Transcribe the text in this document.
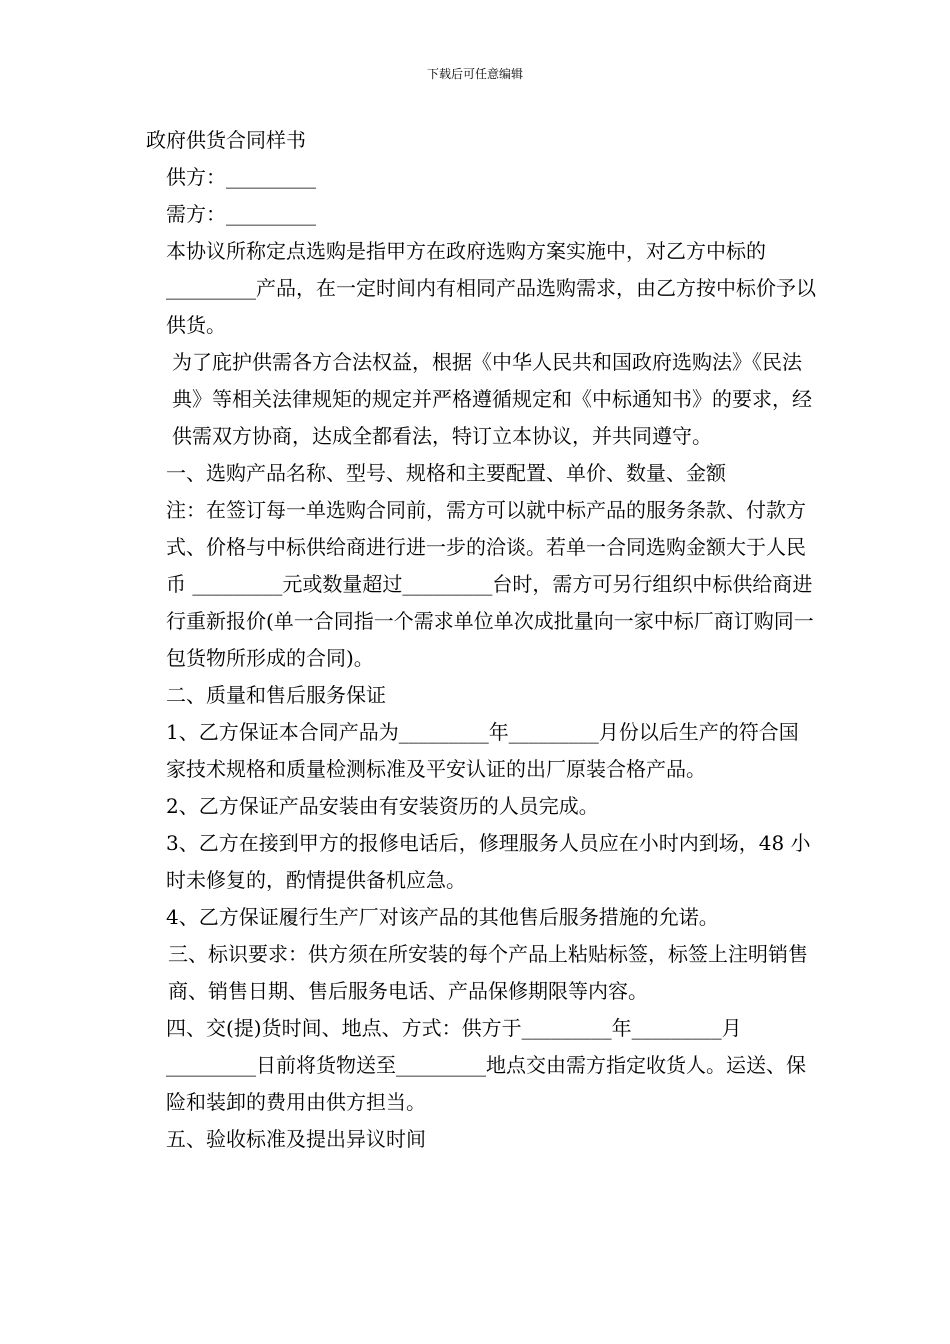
下载后可任意编辑

政府供货合同样书

供方：_________

需方：_________

本协议所称定点选购是指甲方在政府选购方案实施中，对乙方中标的_________产品，在一定时间内有相同产品选购需求，由乙方按中标价予以供货。

为了庇护供需各方合法权益，根据《中华人民共和国政府选购法》《民法典》等相关法律规矩的规定并严格遵循规定和《中标通知书》的要求，经供需双方协商，达成全都看法，特订立本协议，并共同遵守。

一、选购产品名称、型号、规格和主要配置、单价、数量、金额

注：在签订每一单选购合同前，需方可以就中标产品的服务条款、付款方式、价格与中标供给商进行进一步的洽谈。若单一合同选购金额大于人民币 _________元或数量超过_________台时，需方可另行组织中标供给商进行重新报价(单一合同指一个需求单位单次成批量向一家中标厂商订购同一包货物所形成的合同)。

二、质量和售后服务保证

1、乙方保证本合同产品为_________年_________月份以后生产的符合国家技术规格和质量检测标准及平安认证的出厂原装合格产品。

2、乙方保证产品安装由有安装资历的人员完成。

3、乙方在接到甲方的报修电话后，修理服务人员应在小时内到场，48 小时未修复的，酌情提供备机应急。

4、乙方保证履行生产厂对该产品的其他售后服务措施的允诺。

三、标识要求：供方须在所安装的每个产品上粘贴标签，标签上注明销售商、销售日期、售后服务电话、产品保修期限等内容。

四、交(提)货时间、地点、方式：供方于_________年_________月_________日前将货物送至_________地点交由需方指定收货人。运送、保险和装卸的费用由供方担当。

五、验收标准及提出异议时间
